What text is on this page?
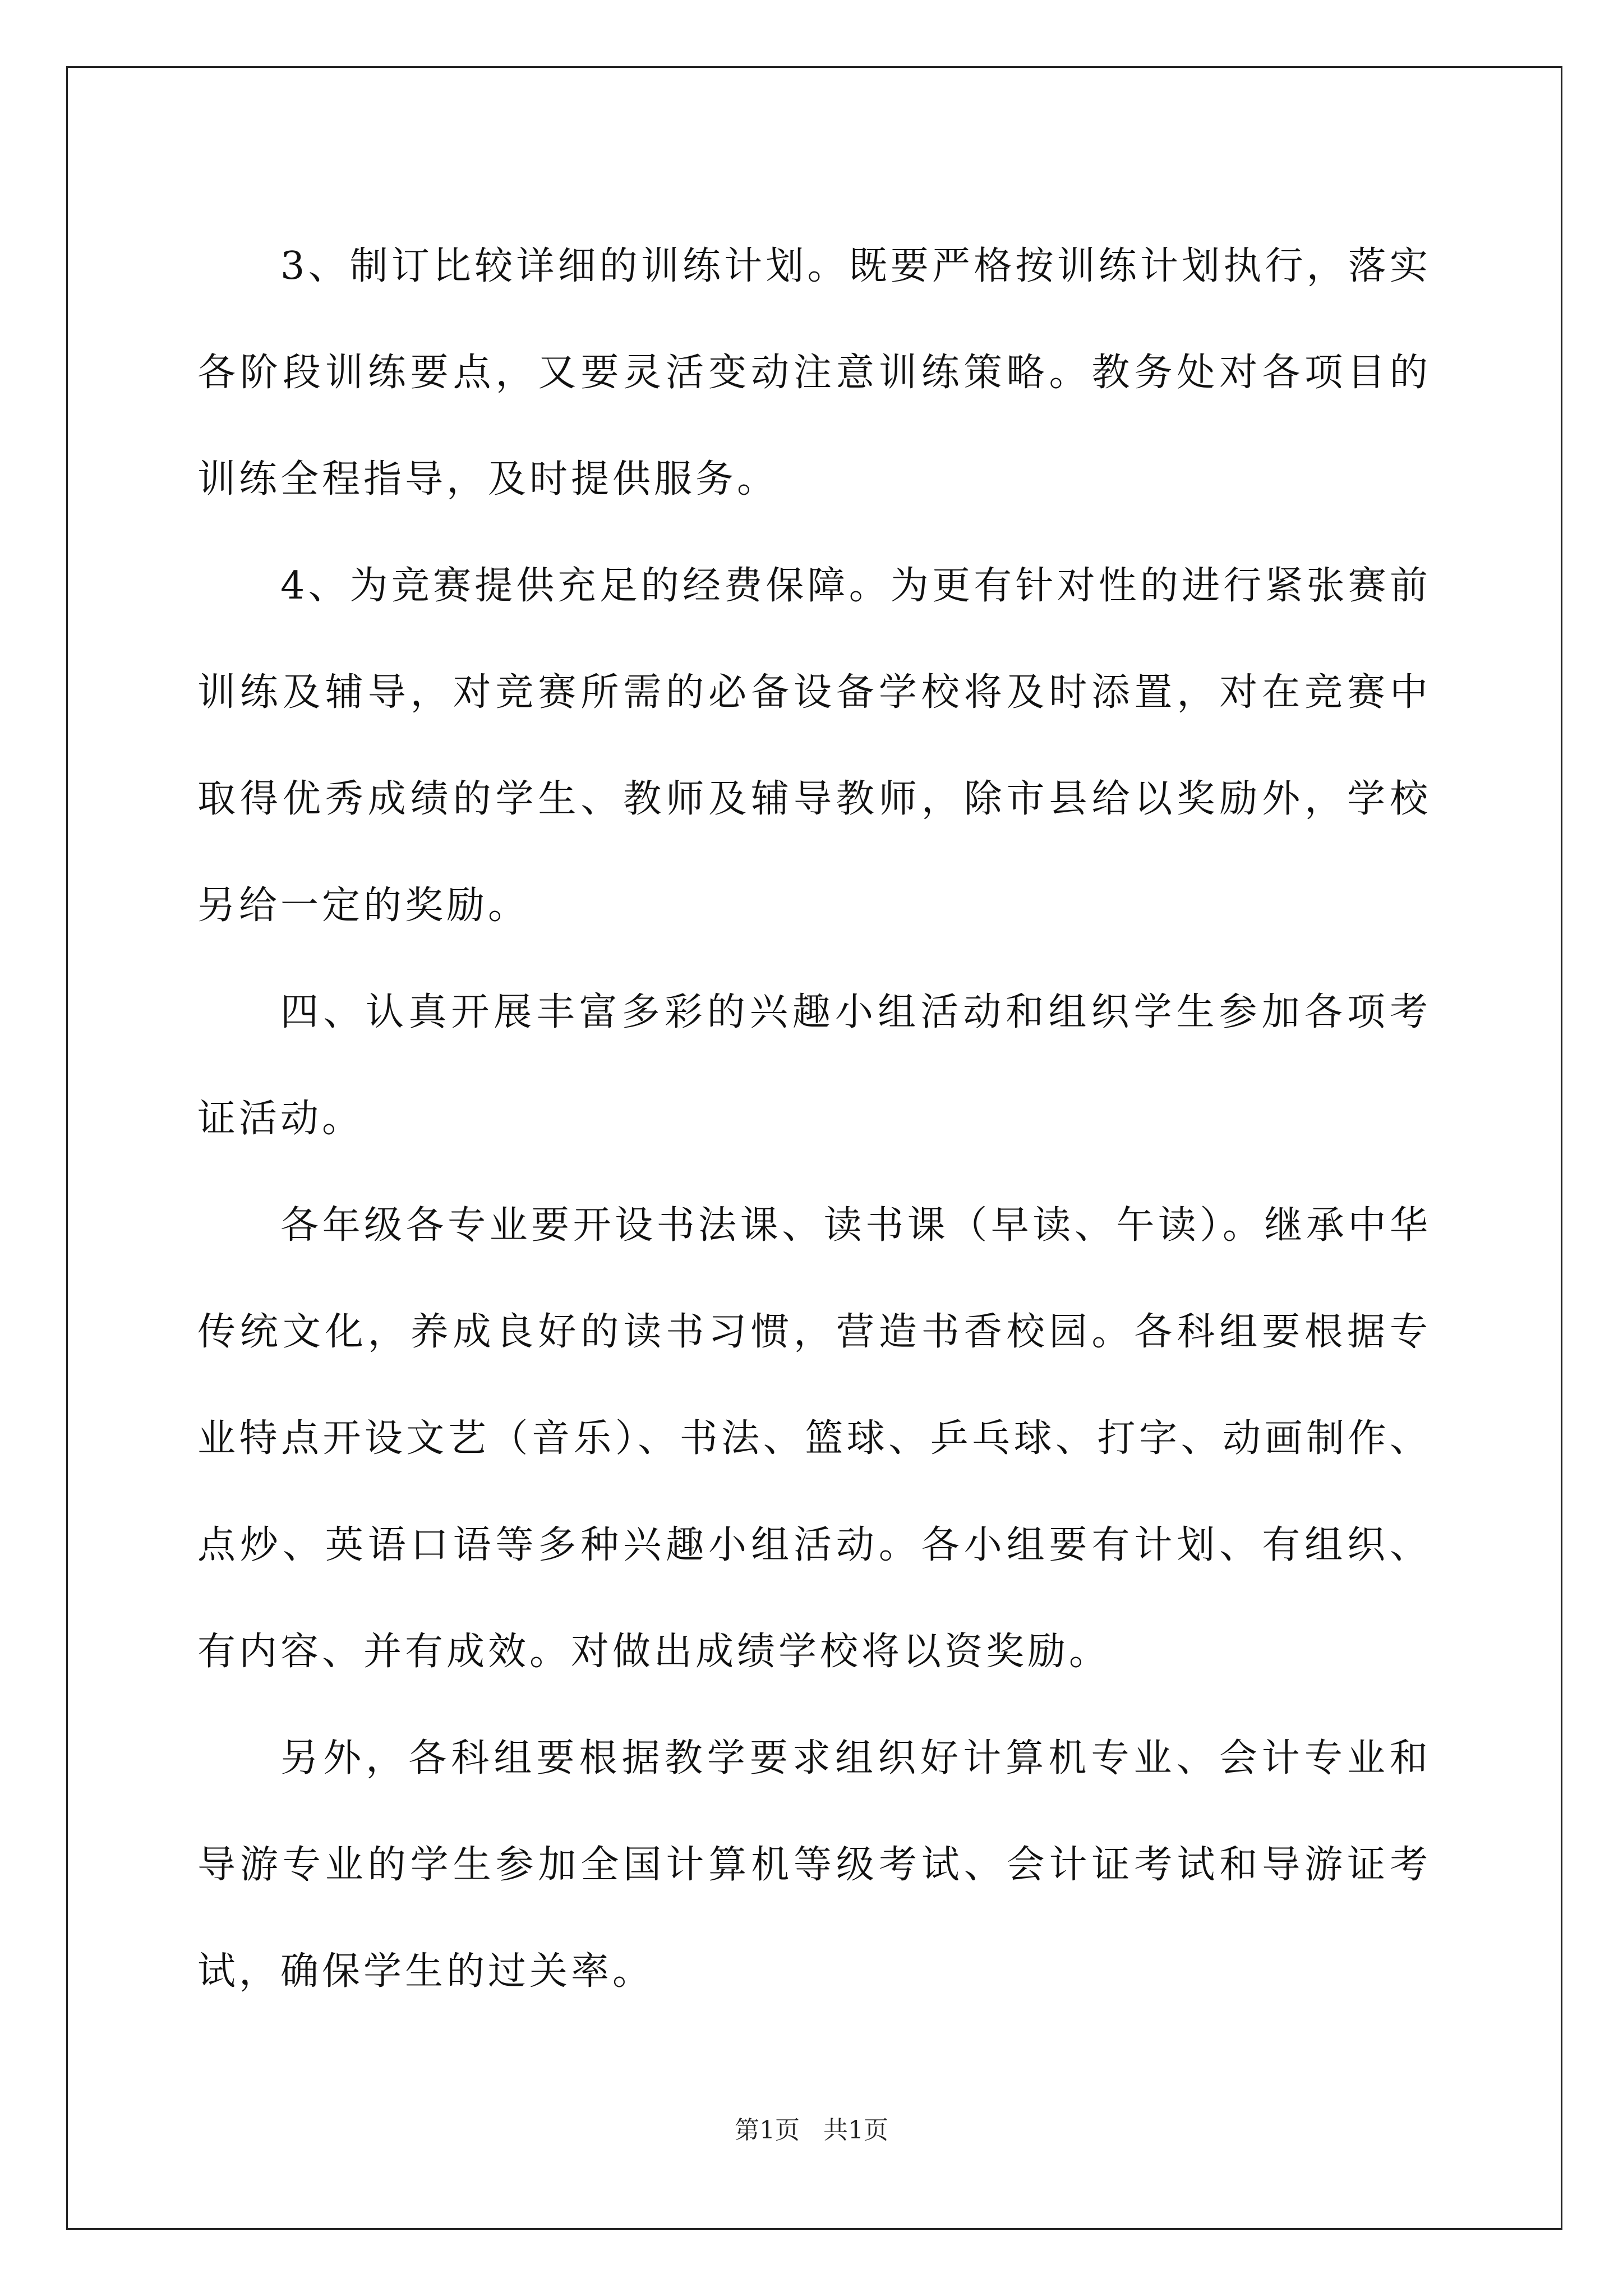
3、制订比较详细的训练计划。既要严格按训练计划执行，落实各阶段训练要点，又要灵活变动注意训练策略。教务处对各项目的训练全程指导，及时提供服务。

4、为竞赛提供充足的经费保障。为更有针对性的进行紧张赛前训练及辅导，对竞赛所需的必备设备学校将及时添置，对在竞赛中取得优秀成绩的学生、教师及辅导教师，除市县给以奖励外，学校另给一定的奖励。

四、认真开展丰富多彩的兴趣小组活动和组织学生参加各项考证活动。

各年级各专业要开设书法课、读书课（早读、午读）。继承中华传统文化，养成良好的读书习惯，营造书香校园。各科组要根据专业特点开设文艺（音乐）、书法、篮球、乒乓球、打字、动画制作、点炒、英语口语等多种兴趣小组活动。各小组要有计划、有组织、有内容、并有成效。对做出成绩学校将以资奖励。

另外，各科组要根据教学要求组织好计算机专业、会计专业和导游专业的学生参加全国计算机等级考试、会计证考试和导游证考试，确保学生的过关率。

第1页   共1页
